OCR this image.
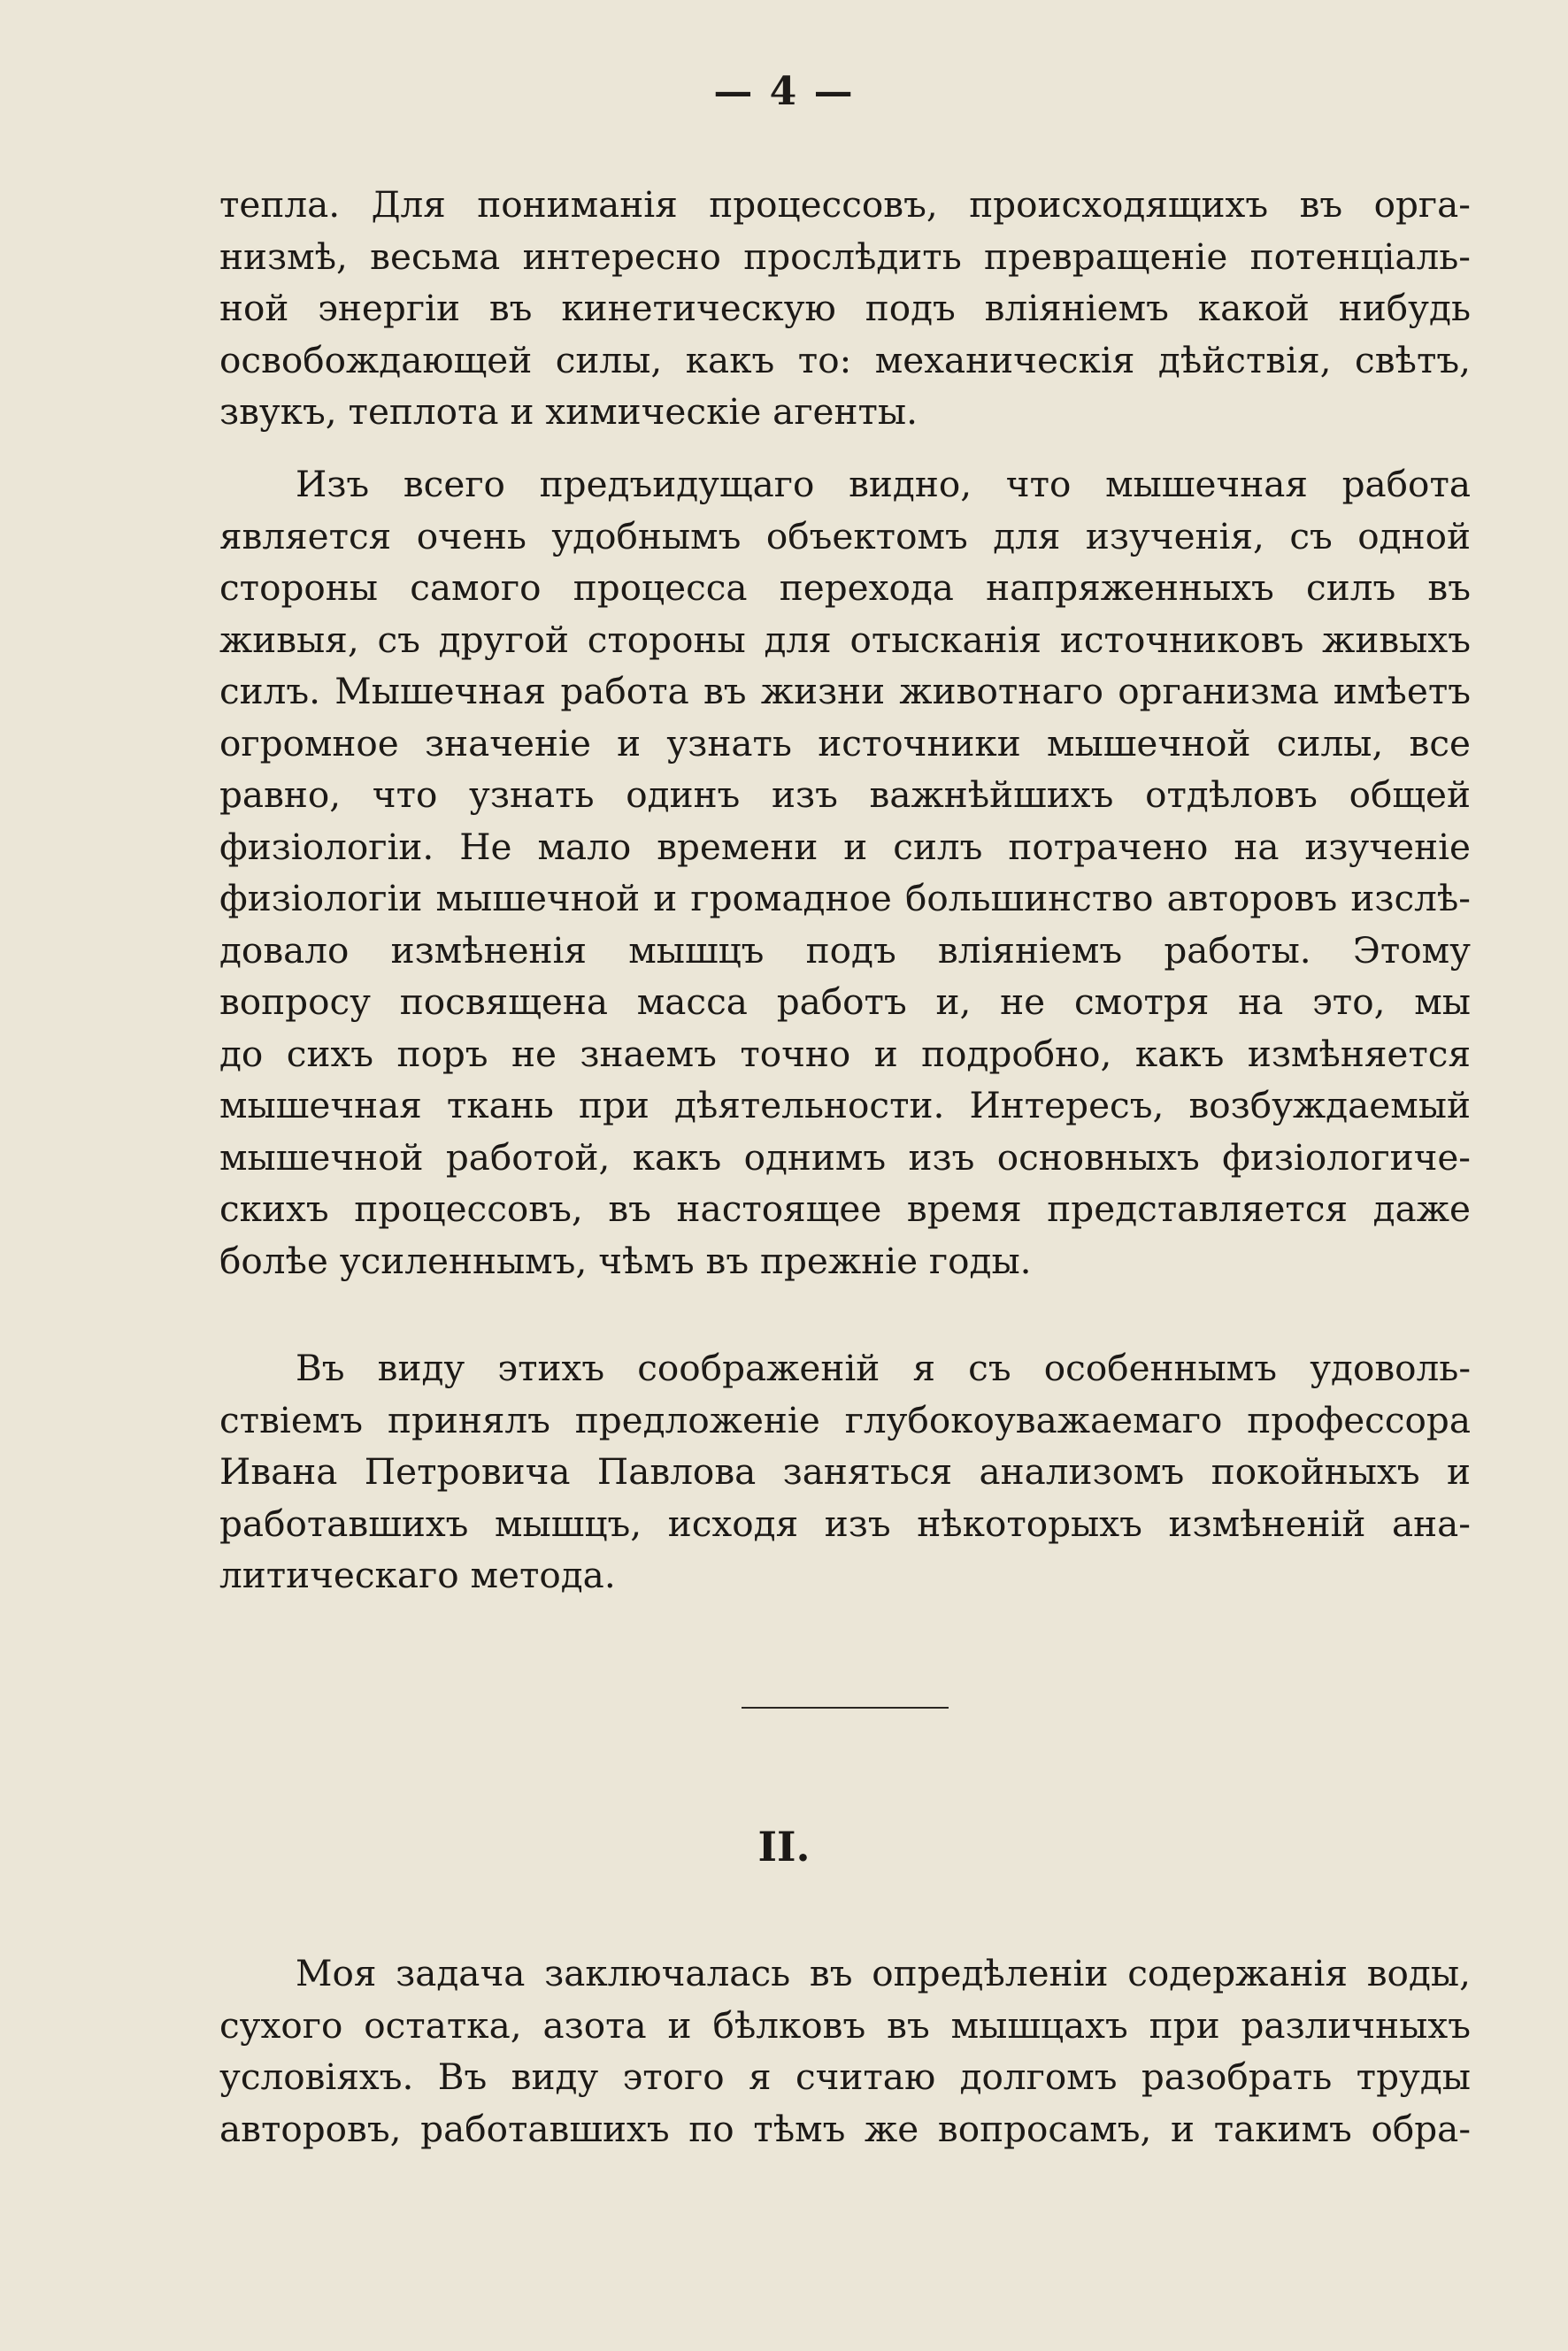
— 4 —
тепла. Для пониманія процессовъ, происходящихъ въ орга-
низмѣ, весьма интересно прослѣдить превращеніе потенціаль-
ной энергіи въ кинетическую подъ вліяніемъ какой нибудь
освобождающей силы, какъ то: механическія дѣйствія, свѣтъ,
звукъ, теплота и химическіе агенты.
Изъ всего предъидущаго видно, что мышечная работа
является очень удобнымъ объектомъ для изученія, съ одной
стороны самого процесса перехода напряженныхъ силъ въ
живыя, съ другой стороны для отысканія источниковъ живыхъ
силъ. Мышечная работа въ жизни животнаго организма имѣетъ
огромное значеніе и узнать источники мышечной силы, все
равно, что узнать одинъ изъ важнѣйшихъ отдѣловъ общей
физіологіи. Не мало времени и силъ потрачено на изученіе
физіологіи мышечной и громадное большинство авторовъ изслѣ-
довало измѣненія мышцъ подъ вліяніемъ работы. Этому
вопросу посвящена масса работъ и, не смотря на это, мы
до сихъ поръ не знаемъ точно и подробно, какъ измѣняется
мышечная ткань при дѣятельности. Интересъ, возбуждаемый
мышечной работой, какъ однимъ изъ основныхъ физіологиче-
скихъ процессовъ, въ настоящее время представляется даже
болѣе усиленнымъ, чѣмъ въ прежніе годы.
Въ виду этихъ соображеній я съ особеннымъ удоволь-
ствіемъ принялъ предложеніе глубокоуважаемаго профессора
Ивана Петровича Павлова заняться анализомъ покойныхъ и
работавшихъ мышцъ, исходя изъ нѣкоторыхъ измѣненій ана-
литическаго метода.
II.
Моя задача заключалась въ опредѣленіи содержанія воды,
сухого остатка, азота и бѣлковъ въ мышцахъ при различныхъ
условіяхъ. Въ виду этого я считаю долгомъ разобрать труды
авторовъ, работавшихъ по тѣмъ же вопросамъ, и такимъ обра-
